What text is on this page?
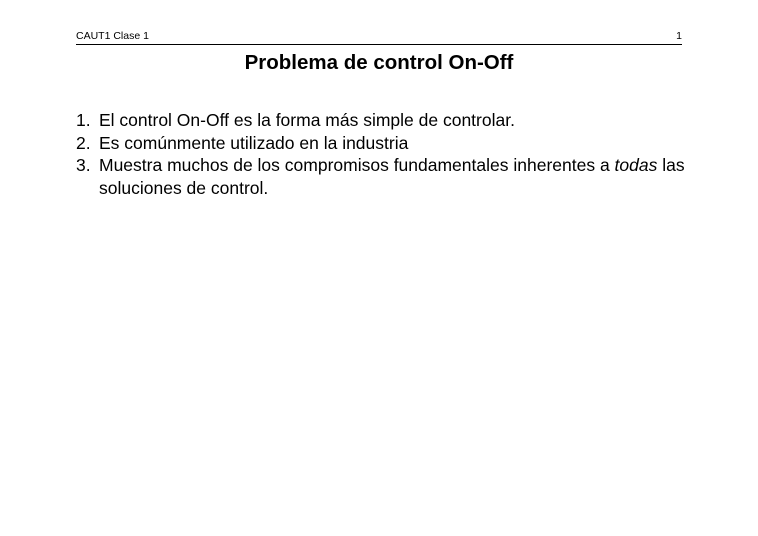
CAUT1 Clase 1	1
Problema de control On-Off
1. El control On-Off es la forma más simple de controlar.
2. Es comúnmente utilizado en la industria
3. Muestra muchos de los compromisos fundamentales inherentes a todas las soluciones de control.
